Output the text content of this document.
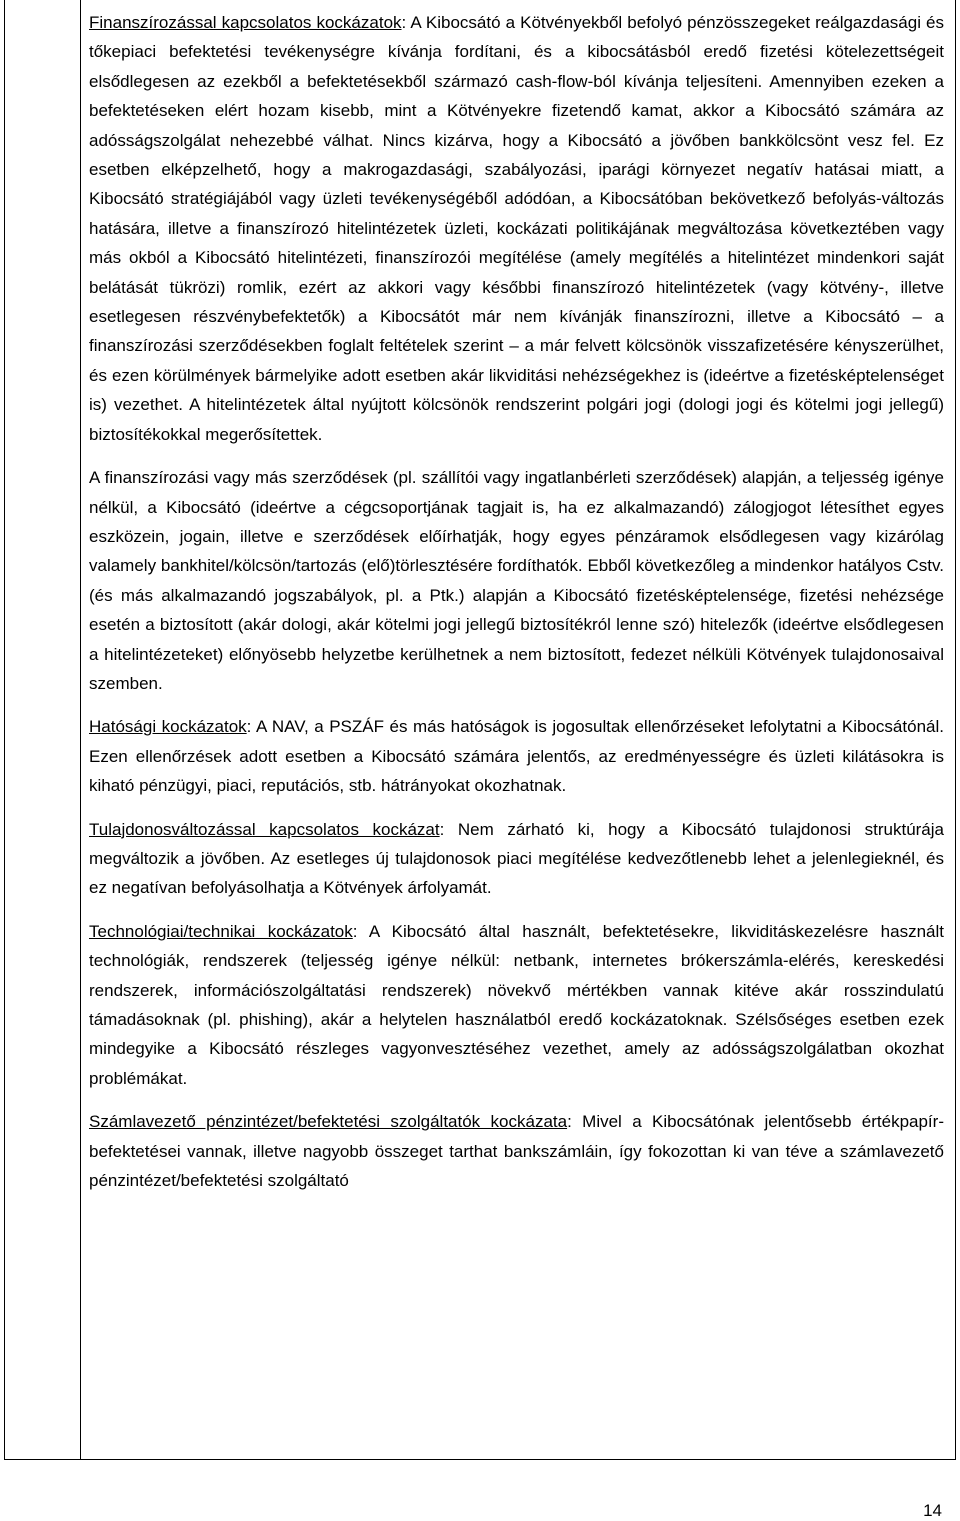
Finanszírozással kapcsolatos kockázatok: A Kibocsátó a Kötvényekből befolyó pénzösszegeket reálgazdasági és tőkepiaci befektetési tevékenységre kívánja fordítani, és a kibocsátásból eredő fizetési kötelezettségeit elsődlegesen az ezekből a befektetésekből származó cash-flow-ból kívánja teljesíteni. Amennyiben ezeken a befektetéseken elért hozam kisebb, mint a Kötvényekre fizetendő kamat, akkor a Kibocsátó számára az adósságszolgálat nehezebbé válhat. Nincs kizárva, hogy a Kibocsátó a jövőben bankkölcsönt vesz fel. Ez esetben elképzelhető, hogy a makrogazdasági, szabályozási, iparági környezet negatív hatásai miatt, a Kibocsátó stratégiájából vagy üzleti tevékenységéből adódóan, a Kibocsátóban bekövetkező befolyás-változás hatására, illetve a finanszírozó hitelintézetek üzleti, kockázati politikájának megváltozása következtében vagy más okból a Kibocsátó hitelintézeti, finanszírozói megítélése (amely megítélés a hitelintézet mindenkori saját belátását tükrözi) romlik, ezért az akkori vagy későbbi finanszírozó hitelintézetek (vagy kötvény-, illetve esetlegesen részvénybefektetők) a Kibocsátót már nem kívánják finanszírozni, illetve a Kibocsátó – a finanszírozási szerződésekben foglalt feltételek szerint – a már felvett kölcsönök visszafizetésére kényszerülhet, és ezen körülmények bármelyike adott esetben akár likviditási nehézségekhez is (ideértve a fizetésképtelenséget is) vezethet. A hitelintézetek által nyújtott kölcsönök rendszerint polgári jogi (dologi jogi és kötelmi jogi jellegű) biztosítékokkal megerősítettek.

A finanszírozási vagy más szerződések (pl. szállítói vagy ingatlanbérleti szerződések) alapján, a teljesség igénye nélkül, a Kibocsátó (ideértve a cégcsoportjának tagjait is, ha ez alkalmazandó) zálogjogot létesíthet egyes eszközein, jogain, illetve e szerződések előírhatják, hogy egyes pénzáramok elsődlegesen vagy kizárólag valamely bankhitel/kölcsön/tartozás (elő)törlesztésére fordíthatók. Ebből következőleg a mindenkor hatályos Cstv. (és más alkalmazandó jogszabályok, pl. a Ptk.) alapján a Kibocsátó fizetésképtelensége, fizetési nehézsége esetén a biztosított (akár dologi, akár kötelmi jogi jellegű biztosítékról lenne szó) hitelezők (ideértve elsődlegesen a hitelintézeteket) előnyösebb helyzetbe kerülhetnek a nem biztosított, fedezet nélküli Kötvények tulajdonosaival szemben.

Hatósági kockázatok: A NAV, a PSZÁF és más hatóságok is jogosultak ellenőrzéseket lefolytatni a Kibocsátónál. Ezen ellenőrzések adott esetben a Kibocsátó számára jelentős, az eredményességre és üzleti kilátásokra is kiható pénzügyi, piaci, reputációs, stb. hátrányokat okozhatnak.

Tulajdonosváltozással kapcsolatos kockázat: Nem zárható ki, hogy a Kibocsátó tulajdonosi struktúrája megváltozik a jövőben. Az esetleges új tulajdonosok piaci megítélése kedvezőtlenebb lehet a jelenlegieknél, és ez negatívan befolyásolhatja a Kötvények árfolyamát.

Technológiai/technikai kockázatok: A Kibocsátó által használt, befektetésekre, likviditáskezelésre használt technológiák, rendszerek (teljesség igénye nélkül: netbank, internetes brókerszámla-elérés, kereskedési rendszerek, információszolgáltatási rendszerek) növekvő mértékben vannak kitéve akár rosszindulatú támadásoknak (pl. phishing), akár a helytelen használatból eredő kockázatoknak. Szélsőséges esetben ezek mindegyike a Kibocsátó részleges vagyonvesztéséhez vezethet, amely az adósságszolgálatban okozhat problémákat.

Számlavezető pénzintézet/befektetési szolgáltatók kockázata: Mivel a Kibocsátónak jelentősebb értékpapír-befektetései vannak, illetve nagyobb összeget tarthat bankszámláin, így fokozottan ki van téve a számlavezető pénzintézet/befektetési szolgáltató

14
